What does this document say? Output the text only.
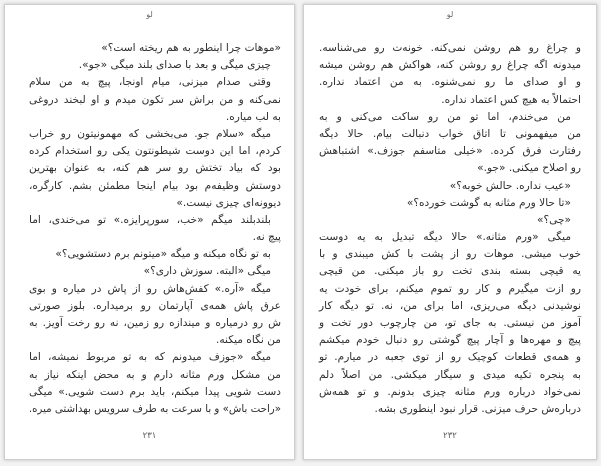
لو
«موهات چرا اینطور به هم ریخته است؟»
چیزی میگی و بعد با صدای بلند میگی «جو».
وقتی صدام میزنی، میام اونجا، پیچ به من سلام
نمی‌کنه و من براش سر تکون میدم و او لبخند دروغی
به لب میاره.
میگه «سلام جو. می‌بخشی که مهمونیتون رو خراب
کردم، اما این دوست شیطونتون یکی رو استخدام کرده
بود که بیاد تختش رو سر هم کنه، به عنوان بهترین
دوستش وظیفه‌م بود بیام اینجا مطمئن بشم. کارگره،
دیوونه‌ای چیزی نیست.»
بلندبلند میگم «خب، سورپرایزه.» تو می‌خندی، اما
پیچ نه.
به تو نگاه میکنه و میگه «میتونم برم دستشویی؟»
میگی «البته. سوزش داری؟»
میگه «آره.» کفش‌هاش رو از پاش در میاره و بوی
عرق پاش همه‌ی آپارتمان رو برمیداره. بلوز صورتی
ش رو درمیاره و میندازه رو زمین، نه رو رخت آویز. به
من نگاه میکنه.
میگه «جوزف میدونم که به تو مربوط نمیشه، اما
من مشکل ورم مثانه دارم و به محض اینکه نیاز به
دست شویی پیدا میکنم، باید برم دست شویی.» میگی
«راحت باش» و با سرعت به طرف سرویس بهداشتی میره.
۲۳۱
لو
و چراغ رو هم روشن نمی‌کنه. خونه‌ت رو می‌شناسه.
میدونه اگه چراغ رو روشن کنه، هواکش هم روشن میشه
و او صدای ما رو نمی‌شنوه. به من اعتماد نداره.
احتمالاً به هیچ کس اعتماد نداره.
من می‌خندم، اما تو من رو ساکت می‌کنی و به
من میفهمونی تا اتاق خواب دنبالت بیام. حالا دیگه
رفتارت فرق کرده. «خیلی متاسفم جوزف.» اشتباهش
رو اصلاح میکنی. «جو.»
«عیب نداره. حالش خوبه؟»
«تا حالا ورم مثانه به گوشت خورده؟»
«چی؟»
میگی «ورم مثانه.» حالا دیگه تبدیل به یه دوست
خوب میشی. موهات رو از پشت با کش میبندی و با
یه قیچی بسته بندی تخت رو باز میکنی. من قیچی
رو ازت میگیرم و کار رو تموم میکنم، برای خودت یه
نوشیدنی دیگه می‌ریزی، اما برای من، نه. تو دیگه کار
آموز من نیستی. به جای تو، من چارچوب دور تخت و
پیچ و مهره‌ها و آچار پیچ گوشتی رو دنبال خودم میکشم
و همه‌ی قطعات کوچیک رو از توی جعبه در میارم. تو
به پنجره تکیه میدی و سیگار میکشی. من اصلاً دلم
نمی‌خواد درباره ورم مثانه چیزی بدونم. و تو همه‌ش
درباره‌ش حرف میزنی. قرار نبود اینطوری بشه.
۲۳۲
